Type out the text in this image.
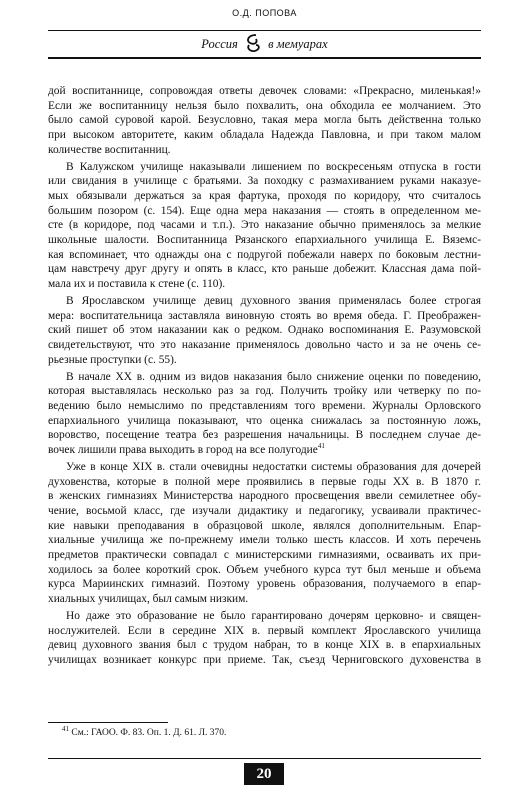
О.Д. ПОПОВА
Россия в мемуарах

дой воспитаннице, сопровождая ответы девочек словами: «Прекрасно, миленькая!»
Если же воспитанницу нельзя было похвалить, она обходила ее молчанием. Это
было самой суровой карой. Безусловно, такая мера могла быть действенна только
при высоком авторитете, каким обладала Надежда Павловна, и при таком малом
количестве воспитанниц.

В Калужском училище наказывали лишением по воскресеньям отпуска в гости
или свидания в училище с братьями. За походку с размахиванием руками наказуе-
мых обязывали держаться за края фартука, проходя по коридору, что считалось
большим позором (с. 154). Еще одна мера наказания — стоять в определенном ме-
сте (в коридоре, под часами и т.п.). Это наказание обычно применялось за мелкие
школьные шалости. Воспитанница Рязанского епархиального училища Е. Вяземс-
кая вспоминает, что однажды она с подругой побежали наверх по боковым лестни-
цам навстречу друг другу и опять в класс, кто раньше добежит. Классная дама пой-
мала их и поставила к стене (с. 110).

В Ярославском училище девиц духовного звания применялась более строгая
мера: воспитательница заставляла виновную стоять во время обеда. Г. Преображен-
ский пишет об этом наказании как о редком. Однако воспоминания Е. Разумовской
свидетельствуют, что это наказание применялось довольно часто и за не очень се-
рьезные проступки (с. 55).

В начале XX в. одним из видов наказания было снижение оценки по поведению,
которая выставлялась несколько раз за год. Получить тройку или четверку по по-
ведению было немыслимо по представлениям того времени. Журналы Орловского
епархиального училища показывают, что оценка снижалась за постоянную ложь,
воровство, посещение театра без разрешения начальницы. В последнем случае де-
вочек лишили права выходить в город на все полугодие$^{41}$

Уже в конце XIX в. стали очевидны недостатки системы образования для дочерей
духовенства, которые в полной мере проявились в первые годы XX в. В 1870 г.
в женских гимназиях Министерства народного просвещения ввели семилетнее обу-
чение, восьмой класс, где изучали дидактику и педагогику, усваивали практичес-
кие навыки преподавания в образцовой школе, являлся дополнительным. Епар-
хиальные училища же по-прежнему имели только шесть классов. И хоть перечень
предметов практически совпадал с министерскими гимназиями, осваивать их при-
ходилось за более короткий срок. Объем учебного курса тут был меньше и объема
курса Мариинских гимназий. Поэтому уровень образования, получаемого в епар-
хиальных училищах, был самым низким.

Но даже это образование не было гарантировано дочерям церковно- и священ-
нослужителей. Если в середине XIX в. первый комплект Ярославского училища
девиц духовного звания был с трудом набран, то в конце XIX в. в епархиальных
училищах возникает конкурс при приеме. Так, съезд Черниговского духовенства в

$^{41}$ См.: ГАОО. Ф. 83. Оп. 1. Д. 61. Л. 370.
20
